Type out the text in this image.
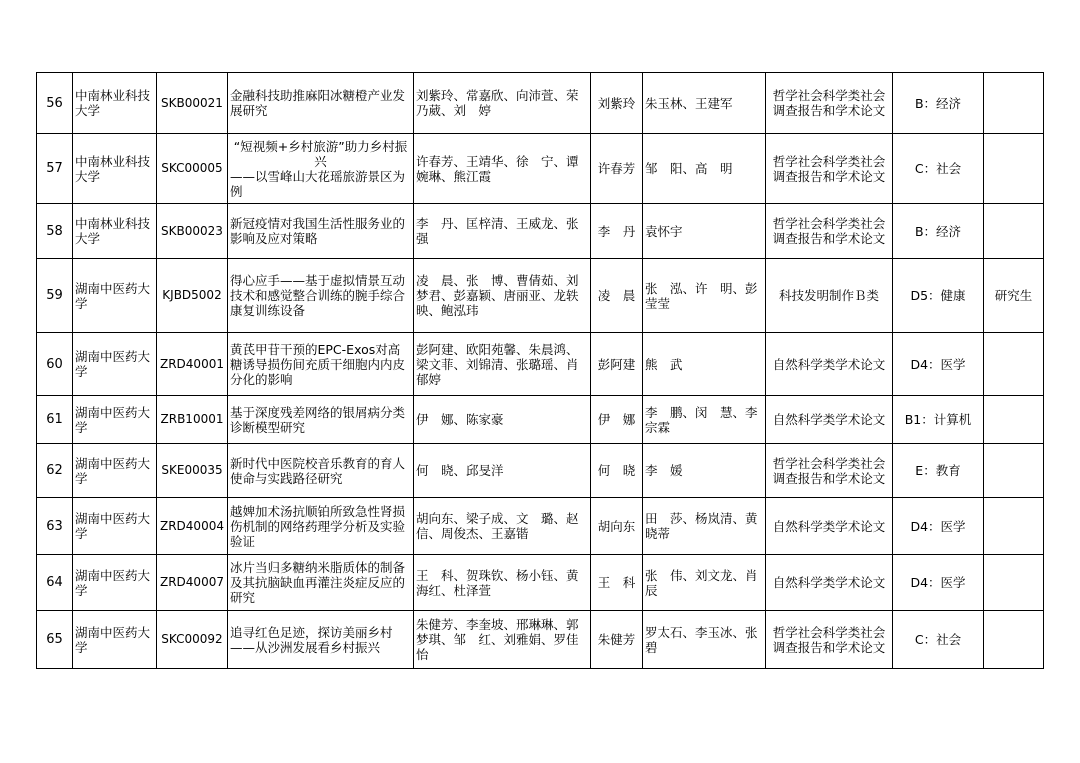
56	中南林业科技大学	SKB00021	金融科技助推麻阳冰糖橙产业发展研究	刘紫玲、常嘉欣、向沛萱、荣乃葳、刘　婷	刘紫玲	朱玉林、王建军	哲学社会科学类社会调查报告和学术论文	B：经济	
57	中南林业科技大学	SKC00005	“短视频+乡村旅游”助力乡村振兴
——以雪峰山大花瑶旅游景区为例	许春芳、王靖华、徐　宁、谭婉琳、熊江霞	许春芳	邹　阳、高　明	哲学社会科学类社会调查报告和学术论文	C：社会	
58	中南林业科技大学	SKB00023	新冠疫情对我国生活性服务业的影响及应对策略	李　丹、匡梓清、王威龙、张　强	李　丹	袁怀宇	哲学社会科学类社会调查报告和学术论文	B：经济	
59	湖南中医药大学	KJBD5002	得心应手——基于虚拟情景互动技术和感觉整合训练的腕手综合康复训练设备	凌　晨、张　博、曹倩茹、刘梦君、彭嘉颖、唐丽亚、龙轶映、鲍泓玮	凌　晨	张　泓、许　明、彭莹莹	科技发明制作Ｂ类	D5：健康	研究生
60	湖南中医药大学	ZRD40001	黄芪甲苷干预的EPC-Exos对高糖诱导损伤间充质干细胞内内皮分化的影响	彭阿建、欧阳苑馨、朱晨鸿、梁文菲、刘锦清、张璐瑶、肖郁婷	彭阿建	熊　武	自然科学类学术论文	D4：医学	
61	湖南中医药大学	ZRB10001	基于深度残差网络的银屑病分类诊断模型研究	伊　娜、陈家豪	伊　娜	李　鹏、闵　慧、李宗霖	自然科学类学术论文	B1：计算机	
62	湖南中医药大学	SKE00035	新时代中医院校音乐教育的育人使命与实践路径研究	何　晓、邱旻洋	何　晓	李　媛	哲学社会科学类社会调查报告和学术论文	E：教育	
63	湖南中医药大学	ZRD40004	越婢加术汤抗顺铂所致急性肾损伤机制的网络药理学分析及实验验证	胡向东、梁子成、文　璐、赵　信、周俊杰、王嘉锴	胡向东	田　莎、杨岚清、黄晓蒂	自然科学类学术论文	D4：医学	
64	湖南中医药大学	ZRD40007	冰片当归多糖纳米脂质体的制备及其抗脑缺血再灌注炎症反应的研究	王　科、贺珠钦、杨小钰、黄海红、杜泽萱	王　科	张　伟、刘文龙、肖　辰	自然科学类学术论文	D4：医学	
65	湖南中医药大学	SKC00092	追寻红色足迹，探访美丽乡村——从沙洲发展看乡村振兴	朱健芳、李奎坡、邢琳琳、郭梦琪、邹　红、刘雅娟、罗佳怡	朱健芳	罗太石、李玉冰、张　碧	哲学社会科学类社会调查报告和学术论文	C：社会	
